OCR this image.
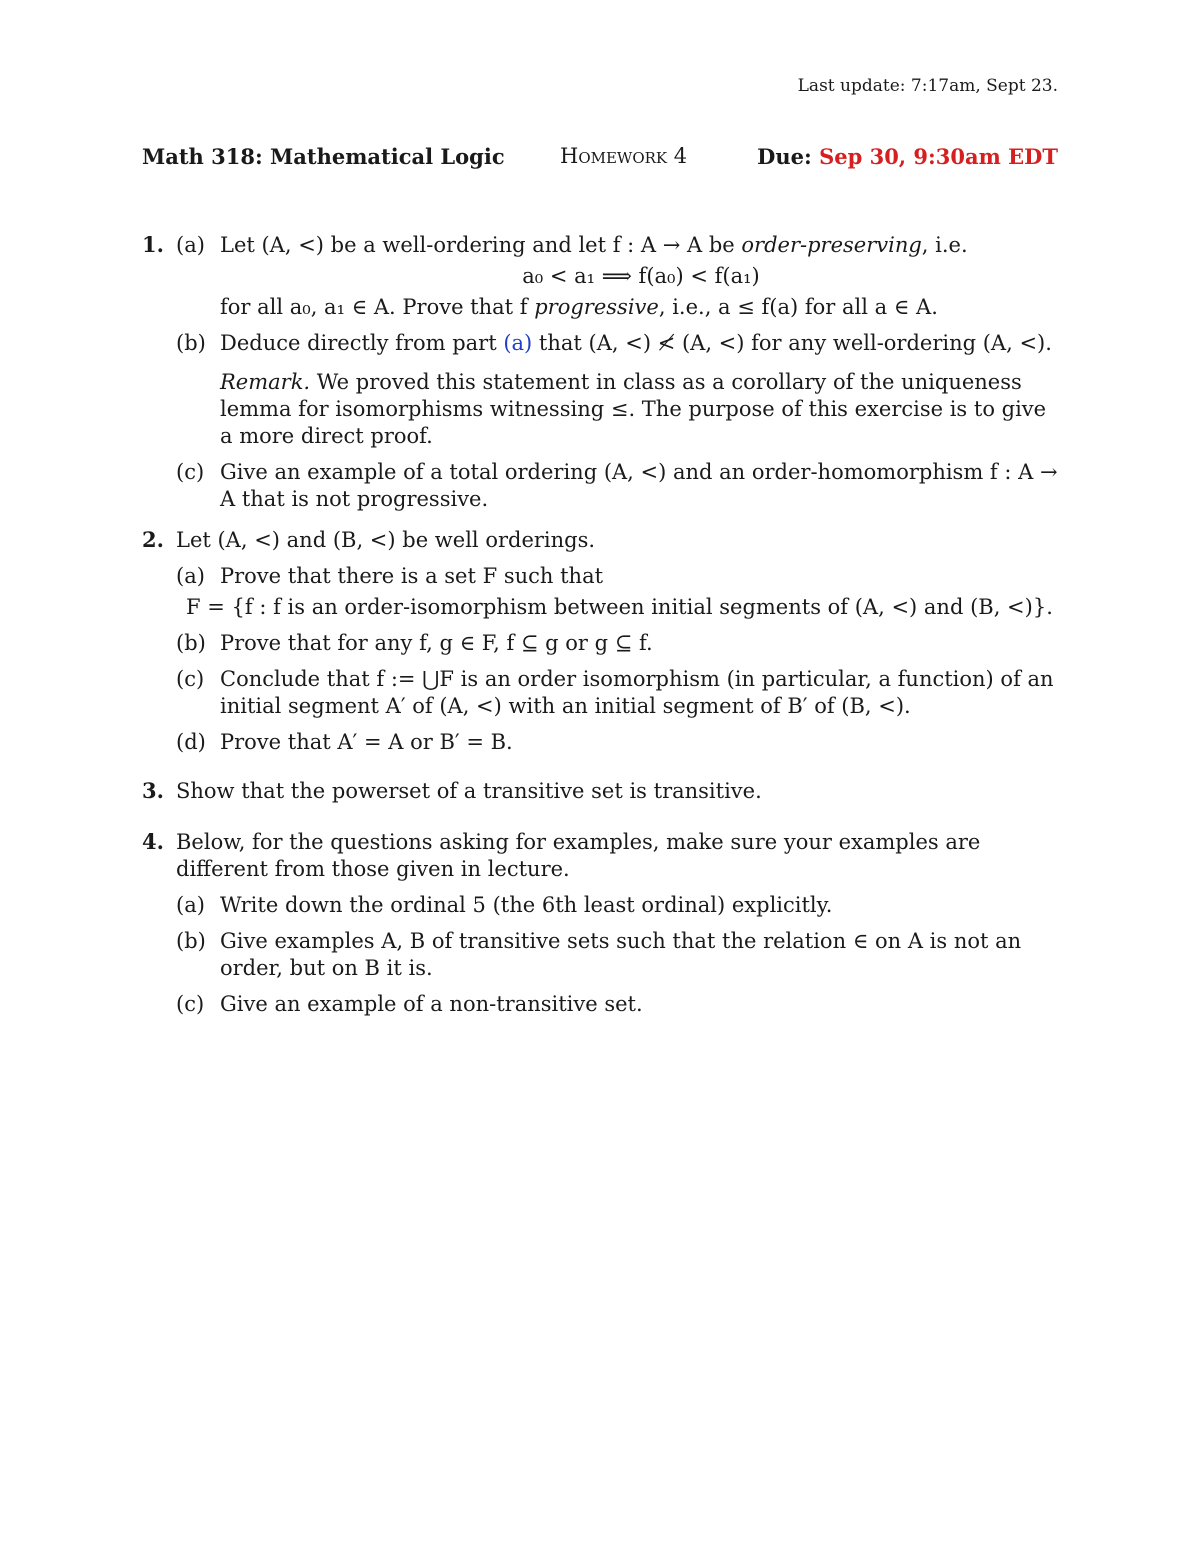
Last update: 7:17am, Sept 23.
Math 318: Mathematical Logic	Homework 4	Due: Sep 30, 9:30am EDT
1. (a) Let (A, <) be a well-ordering and let f : A → A be order-preserving, i.e.
a₀ < a₁ ⟹ f(a₀) < f(a₁)
for all a₀, a₁ ∈ A. Prove that f progressive, i.e., a ≤ f(a) for all a ∈ A.
(b) Deduce directly from part (a) that (A, <) ≮ (A, <) for any well-ordering (A, <).
Remark. We proved this statement in class as a corollary of the uniqueness lemma for isomorphisms witnessing ≤. The purpose of this exercise is to give a more direct proof.
(c) Give an example of a total ordering (A, <) and an order-homomorphism f : A → A that is not progressive.
2. Let (A, <) and (B, <) be well orderings.
(a) Prove that there is a set F such that
F = {f : f is an order-isomorphism between initial segments of (A, <) and (B, <)}.
(b) Prove that for any f, g ∈ F, f ⊆ g or g ⊆ f.
(c) Conclude that f := ⋃F is an order isomorphism (in particular, a function) of an initial segment A′ of (A, <) with an initial segment of B′ of (B, <).
(d) Prove that A′ = A or B′ = B.
3. Show that the powerset of a transitive set is transitive.
4. Below, for the questions asking for examples, make sure your examples are different from those given in lecture.
(a) Write down the ordinal 5 (the 6th least ordinal) explicitly.
(b) Give examples A, B of transitive sets such that the relation ∈ on A is not an order, but on B it is.
(c) Give an example of a non-transitive set.
